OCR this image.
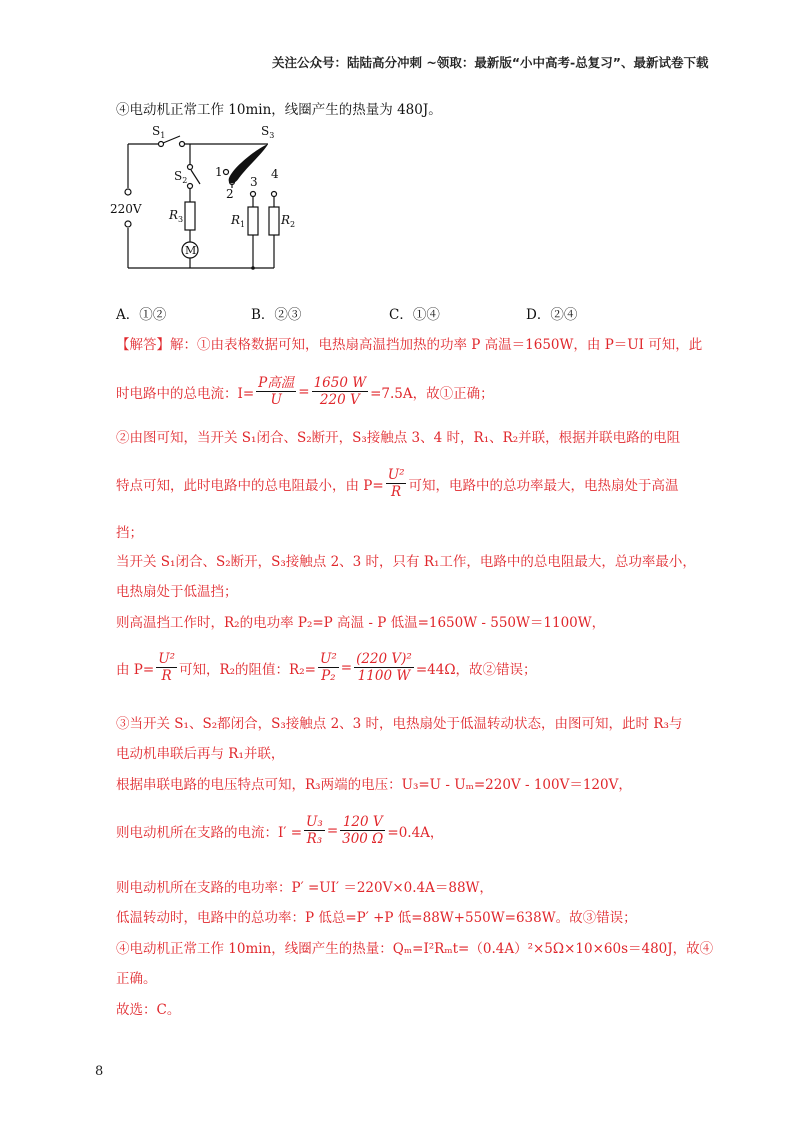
关注公众号：陆陆高分冲刺 ~领取：最新版“小中高考-总复习”、最新试卷下载
④电动机正常工作 10min，线圈产生的热量为 480J。
$S_1$	$S_3$
$S_2$
220V $R_3$	$R_1$	$R_2$
M
1
2
3
4
A．①②	B．②③	C．①④	D．②④
【解答】解：①由表格数据可知，电热扇高温挡加热的功率 P 高温＝1650W，由 P＝UI 可知，此
时电路中的总电流：$I= \frac{\text{P高温}}{U} = \frac{1650 W}{220 V} =7.5A$，故①正确；
②由图可知，当开关 S₁闭合、S₂断开，S₃接触点 3、4 时，R₁、R₂并联，根据并联电路的电阻
特点可知，此时电路中的总电阻最小，由 $P= \frac{\text{U²}}{R}$ 可知，电路中的总功率最大，电热扇处于高温
挡；
当开关 S₁闭合、S₂断开，S₃接触点 2、3 时，只有 R₁工作，电路中的总电阻最大，总功率最小，
电热扇处于低温挡；
则高温挡工作时，R₂的电功率 P₂=P 高温 - P 低温=1650W - 550W＝1100W，
由 $P= \frac{\text{U²}}{R}$ 可知，R₂的阻值：$R_2= \frac{\text{U²}}{\text{P₂}} = \frac{\text{(220 V)²}}{1100 W} =44\Omega$，故②错误；
③当开关 S₁、S₂都闭合，S₃接触点 2、3 时，电热扇处于低温转动状态，由图可知，此时 R₃与
电动机串联后再与 R₁并联，
根据串联电路的电压特点可知，R₃两端的电压：U₃=U - Uₘ=220V - 100V＝120V，
则电动机所在支路的电流：$I' = \frac{\text{U₃}}{\text{R₃}} = \frac{120 V}{300 \Omega} =0.4A$，
则电动机所在支路的电功率：P′ =UI′ ＝220V×0.4A＝88W，
低温转动时，电路中的总功率：P 低总=P′ +P 低=88W+550W=638W。故③错误；
④电动机正常工作 10min，线圈产生的热量：Qₘ=I²Rₘt=（0.4A）²×5Ω×10×60s＝480J，故④
正确。
故选：C。
8
